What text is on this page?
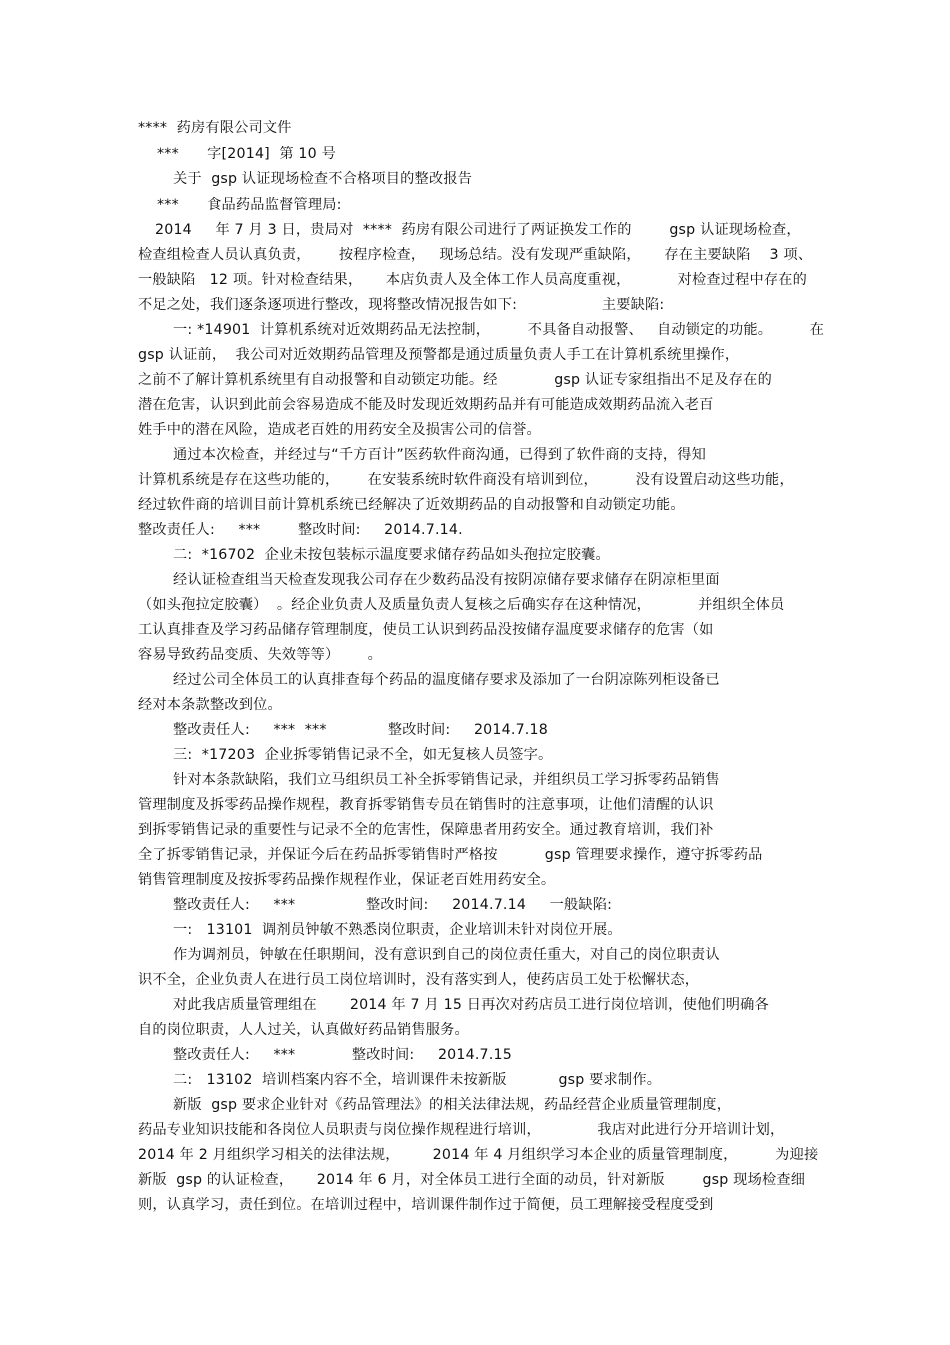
****  药房有限公司文件
***      字[2014]  第 10 号
关于  gsp 认证现场检查不合格项目的整改报告
***      食品药品监督管理局:
2014     年 7 月 3 日，贵局对  ****  药房有限公司进行了两证换发工作的        gsp 认证现场检查，
检查组检查人员认真负责，      按程序检查，   现场总结。没有发现严重缺陷，     存在主要缺陷    3 项、
一般缺陷   12 项。针对检查结果，     本店负责人及全体工作人员高度重视，          对检查过程中存在的
不足之处，我们逐条逐项进行整改，现将整改情况报告如下:                  主要缺陷:
一: *14901  计算机系统对近效期药品无法控制，        不具备自动报警、   自动锁定的功能。        在
gsp 认证前，  我公司对近效期药品管理及预警都是通过质量负责人手工在计算机系统里操作，
之前不了解计算机系统里有自动报警和自动锁定功能。经            gsp 认证专家组指出不足及存在的
潜在危害，认识到此前会容易造成不能及时发现近效期药品并有可能造成效期药品流入老百
姓手中的潜在风险，造成老百姓的用药安全及损害公司的信誉。
通过本次检查，并经过与“千方百计”医药软件商沟通，已得到了软件商的支持，得知
计算机系统是存在这些功能的，      在安装系统时软件商没有培训到位，        没有设置启动这些功能，
经过软件商的培训目前计算机系统已经解决了近效期药品的自动报警和自动锁定功能。
整改责任人:     ***        整改时间:     2014.7.14.
二:  *16702  企业未按包装标示温度要求储存药品如头孢拉定胶囊。
经认证检查组当天检查发现我公司存在少数药品没有按阴凉储存要求储存在阴凉柜里面
（如头孢拉定胶囊）  。经企业负责人及质量负责人复核之后确实存在这种情况，          并组织全体员
工认真排查及学习药品储存管理制度，使员工认识到药品没按储存温度要求储存的危害（如
容易导致药品变质、失效等等）      。
经过公司全体员工的认真排查每个药品的温度储存要求及添加了一台阴凉陈列柜设备已
经对本条款整改到位。
整改责任人:     ***  ***             整改时间:     2014.7.18
三:  *17203  企业拆零销售记录不全，如无复核人员签字。
针对本条款缺陷，我们立马组织员工补全拆零销售记录，并组织员工学习拆零药品销售
管理制度及拆零药品操作规程，教育拆零销售专员在销售时的注意事项，让他们清醒的认识
到拆零销售记录的重要性与记录不全的危害性，保障患者用药安全。通过教育培训，我们补
全了拆零销售记录，并保证今后在药品拆零销售时严格按          gsp 管理要求操作，遵守拆零药品
销售管理制度及按拆零药品操作规程作业，保证老百姓用药安全。
整改责任人:     ***               整改时间:     2014.7.14     一般缺陷:
一:   13101  调剂员钟敏不熟悉岗位职责，企业培训未针对岗位开展。
作为调剂员，钟敏在任职期间，没有意识到自己的岗位责任重大，对自己的岗位职责认
识不全，企业负责人在进行员工岗位培训时，没有落实到人，使药店员工处于松懈状态，
对此我店质量管理组在       2014 年 7 月 15 日再次对药店员工进行岗位培训，使他们明确各
自的岗位职责，人人过关，认真做好药品销售服务。
整改责任人:     ***            整改时间:     2014.7.15
二:   13102  培训档案内容不全，培训课件未按新版           gsp 要求制作。
新版  gsp 要求企业针对《药品管理法》的相关法律法规，药品经营企业质量管理制度，
药品专业知识技能和各岗位人员职责与岗位操作规程进行培训，            我店对此进行分开培训计划，
2014 年 2 月组织学习相关的法律法规，       2014 年 4 月组织学习本企业的质量管理制度，        为迎接
新版  gsp 的认证检查，     2014 年 6 月，对全体员工进行全面的动员，针对新版        gsp 现场检查细
则，认真学习，责任到位。在培训过程中，培训课件制作过于简便，员工理解接受程度受到
